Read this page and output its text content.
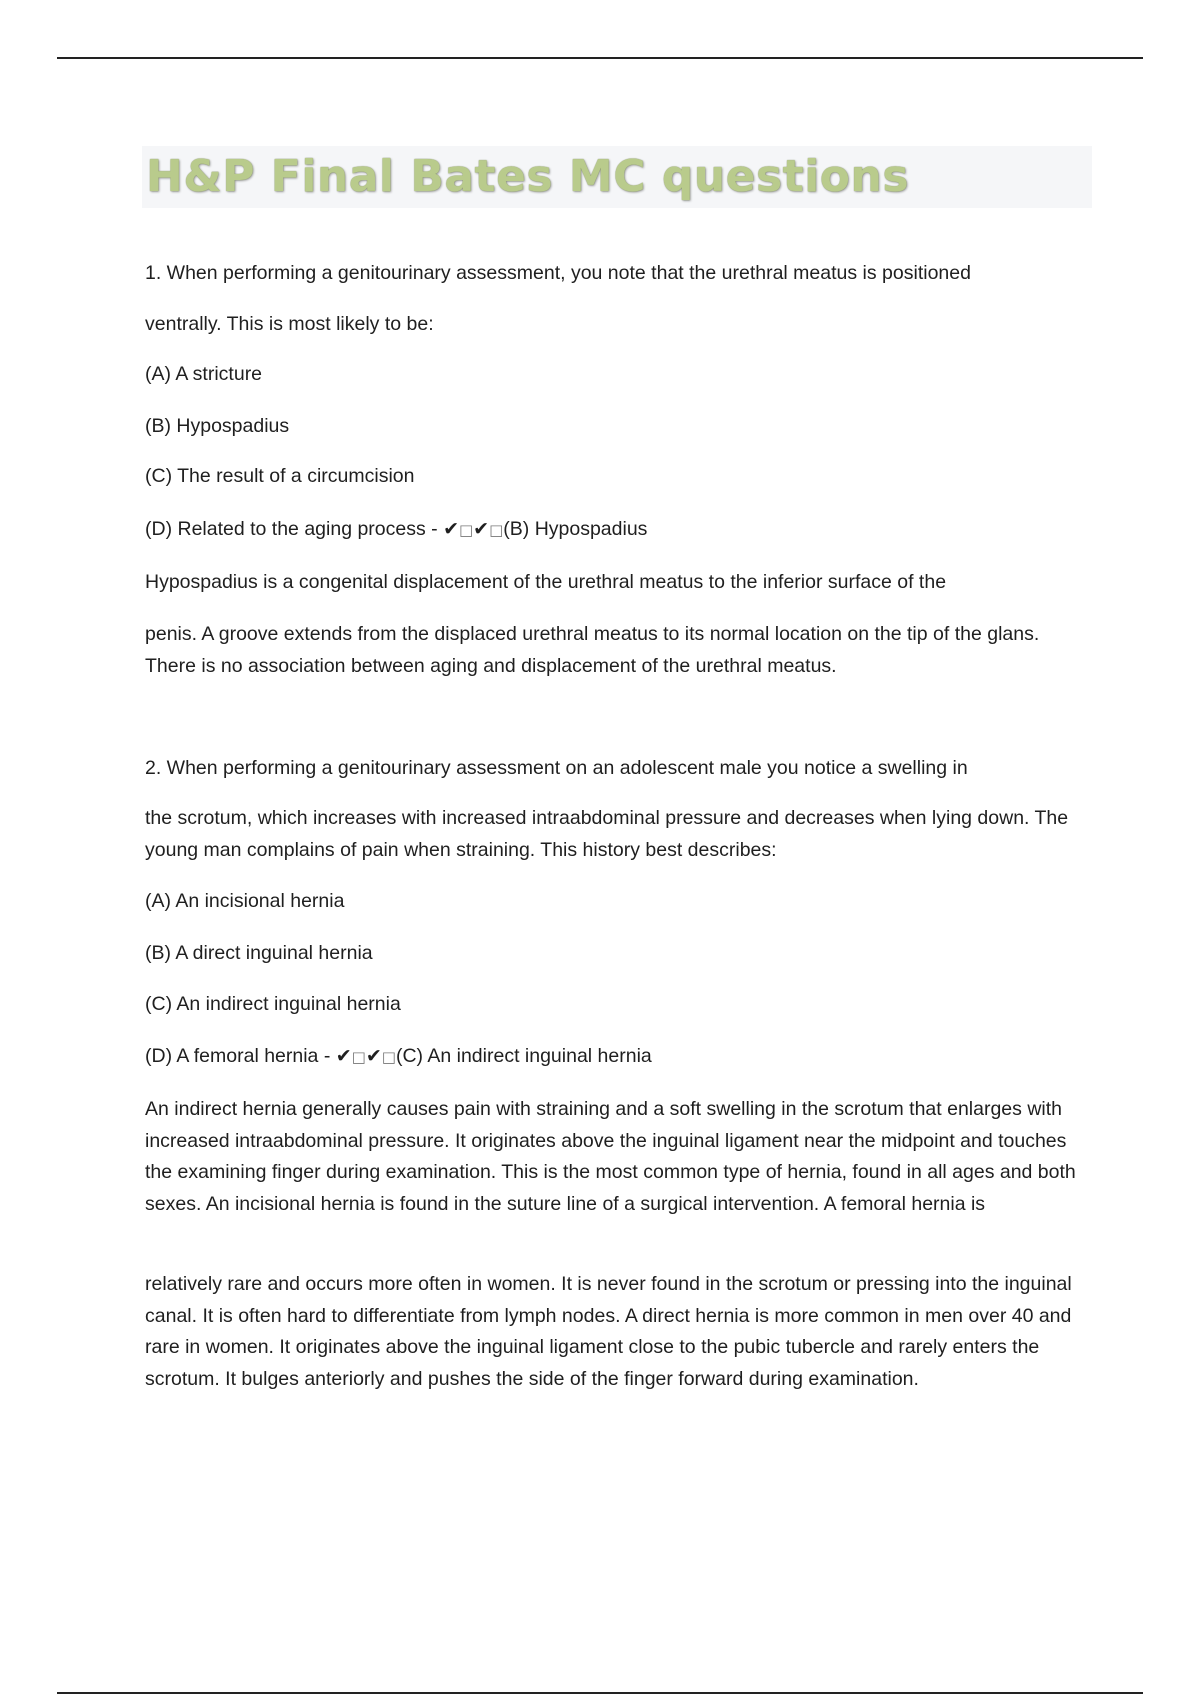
H&P Final Bates MC questions

1. When performing a genitourinary assessment, you note that the urethral meatus is positioned

ventrally. This is most likely to be:

(A) A stricture

(B) Hypospadius

(C) The result of a circumcision

(D) Related to the aging process - ✔□✔□(B) Hypospadius

Hypospadius is a congenital displacement of the urethral meatus to the inferior surface of the

penis. A groove extends from the displaced urethral meatus to its normal location on the tip of the glans. There is no association between aging and displacement of the urethral meatus.

2. When performing a genitourinary assessment on an adolescent male you notice a swelling in

the scrotum, which increases with increased intraabdominal pressure and decreases when lying down. The young man complains of pain when straining. This history best describes:

(A) An incisional hernia

(B) A direct inguinal hernia

(C) An indirect inguinal hernia

(D) A femoral hernia - ✔□✔□(C) An indirect inguinal hernia

An indirect hernia generally causes pain with straining and a soft swelling in the scrotum that enlarges with increased intraabdominal pressure. It originates above the inguinal ligament near the midpoint and touches the examining finger during examination. This is the most common type of hernia, found in all ages and both sexes. An incisional hernia is found in the suture line of a surgical intervention. A femoral hernia is

relatively rare and occurs more often in women. It is never found in the scrotum or pressing into the inguinal canal. It is often hard to differentiate from lymph nodes. A direct hernia is more common in men over 40 and rare in women. It originates above the inguinal ligament close to the pubic tubercle and rarely enters the scrotum. It bulges anteriorly and pushes the side of the finger forward during examination.
